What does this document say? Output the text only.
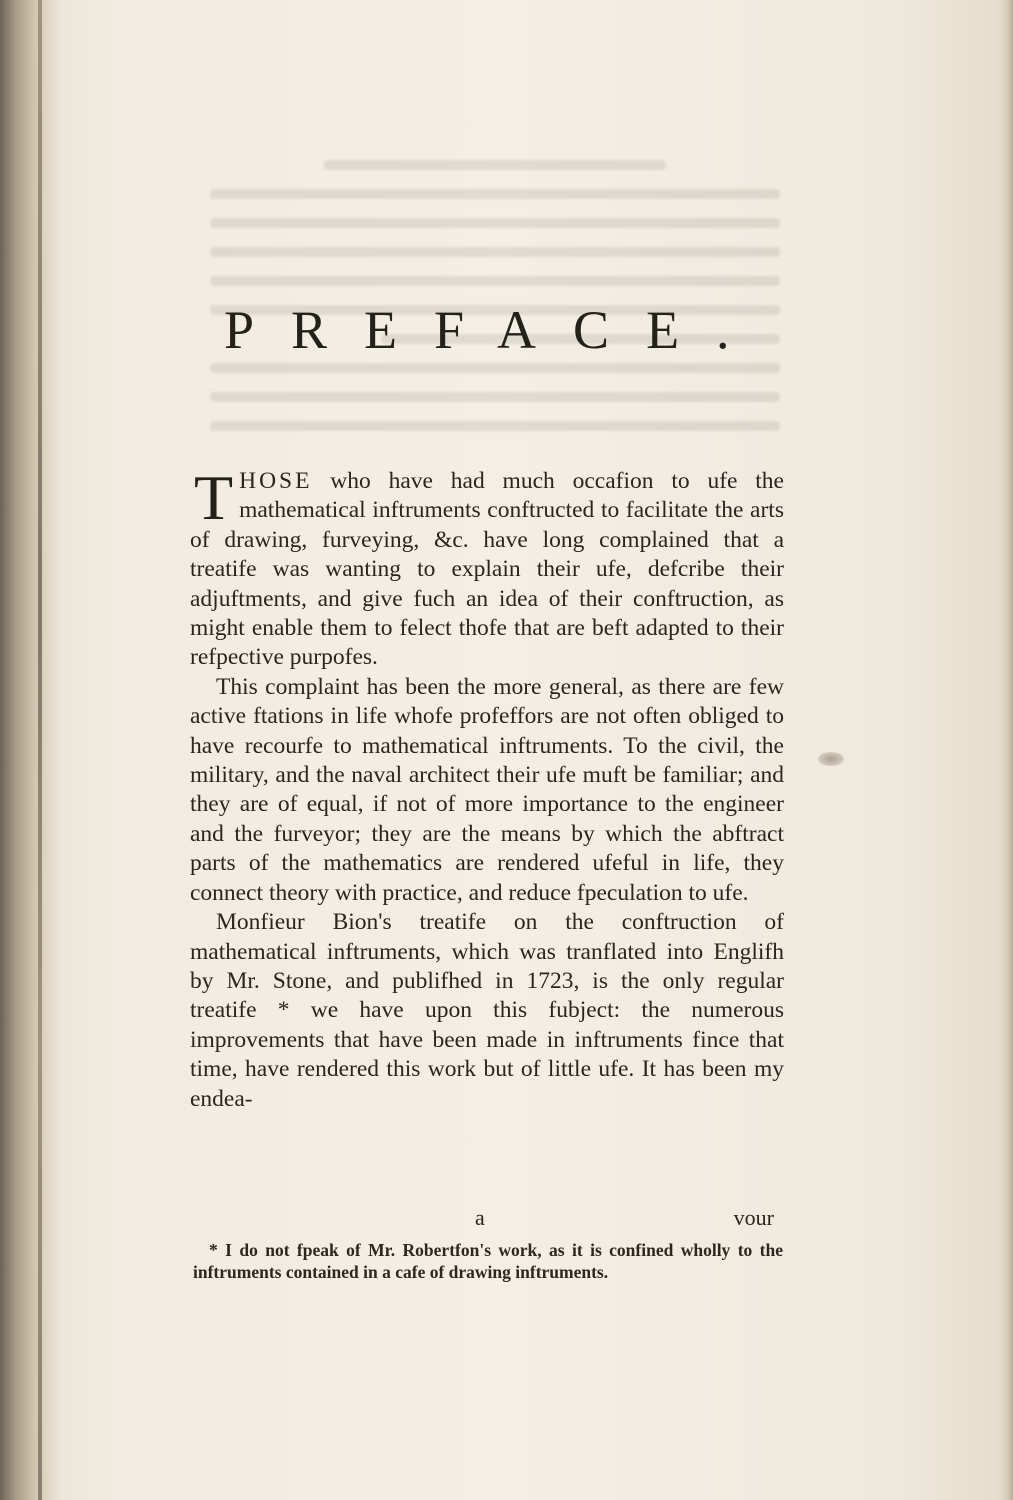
PREFACE.

THOSE who have had much occafion to ufe the mathematical inftruments conftructed to facilitate the arts of drawing, furveying, &c. have long complained that a treatife was wanting to explain their ufe, defcribe their adjuftments, and give fuch an idea of their conftruction, as might enable them to felect thofe that are beft adapted to their refpective purpofes.

This complaint has been the more general, as there are few active ftations in life whofe profeffors are not often obliged to have recourfe to mathematical inftruments. To the civil, the military, and the naval architect their ufe muft be familiar; and they are of equal, if not of more importance to the engineer and the furveyor; they are the means by which the abftract parts of the mathematics are rendered ufeful in life, they connect theory with practice, and reduce fpeculation to ufe.

Monfieur Bion's treatife on the conftruction of mathematical inftruments, which was tranflated into Englifh by Mr. Stone, and publifhed in 1723, is the only regular treatife * we have upon this fubject: the numerous improvements that have been made in inftruments fince that time, have rendered this work but of little ufe. It has been my endea-

a	vour
* I do not fpeak of Mr. Robertfon's work, as it is confined wholly to the inftruments contained in a cafe of drawing inftruments.
